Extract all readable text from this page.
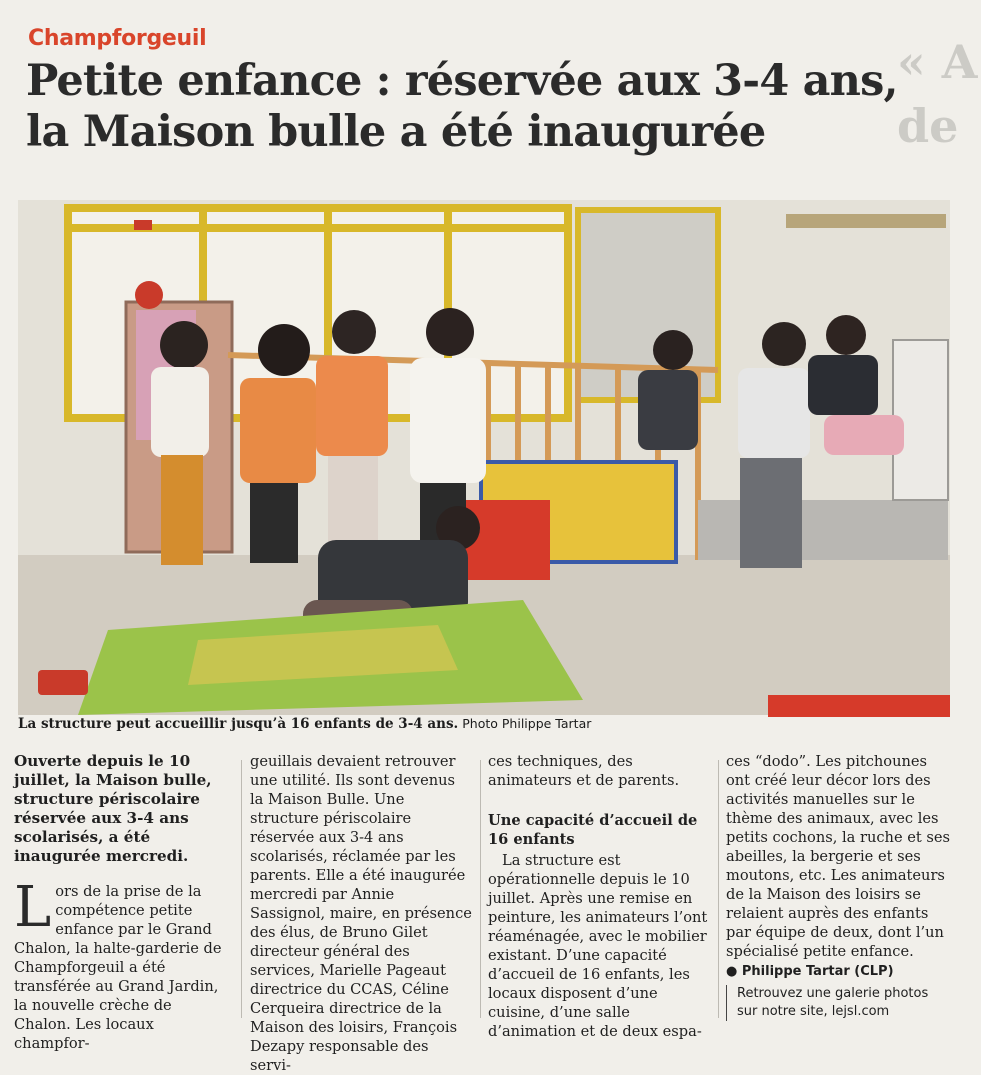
« A
de
Champforgeuil
Petite enfance : réservée aux 3-4 ans,
la Maison bulle a été inaugurée
La structure peut accueillir jusqu’à 16 enfants de 3-4 ans. Photo Philippe Tartar

Ouverte depuis le 10 juillet, la Maison bulle, structure périscolaire réservée aux 3-4 ans scolarisés, a été inaugurée mercredi.

Lors de la prise de la compétence petite enfance par le Grand Chalon, la halte-garderie de Champforgeuil a été transférée au Grand Jardin, la nouvelle crèche de Chalon. Les locaux champfor-

geuillais devaient retrouver une utilité. Ils sont devenus la Maison Bulle. Une structure périscolaire réservée aux 3-4 ans scolarisés, réclamée par les parents. Elle a été inaugurée mercredi par Annie Sassignol, maire, en présence des élus, de Bruno Gilet directeur général des services, Marielle Pageaut directrice du CCAS, Céline Cerqueira directrice de la Maison des loisirs, François Dezapy responsable des servi-

ces techniques, des animateurs et de parents.

Une capacité d’accueil de 16 enfants

La structure est opérationnelle depuis le 10 juillet. Après une remise en peinture, les animateurs l’ont réaménagée, avec le mobilier existant. D’une capacité d’accueil de 16 enfants, les locaux disposent d’une cuisine, d’une salle d’animation et de deux espa-

ces “dodo”. Les pitchounes ont créé leur décor lors des activités manuelles sur le thème des animaux, avec les petits cochons, la ruche et ses abeilles, la bergerie et ses moutons, etc. Les animateurs de la Maison des loisirs se relaient auprès des enfants par équipe de deux, dont l’un spécialisé petite enfance.

● Philippe Tartar (CLP)

Retrouvez une galerie photos sur notre site, lejsl.com
